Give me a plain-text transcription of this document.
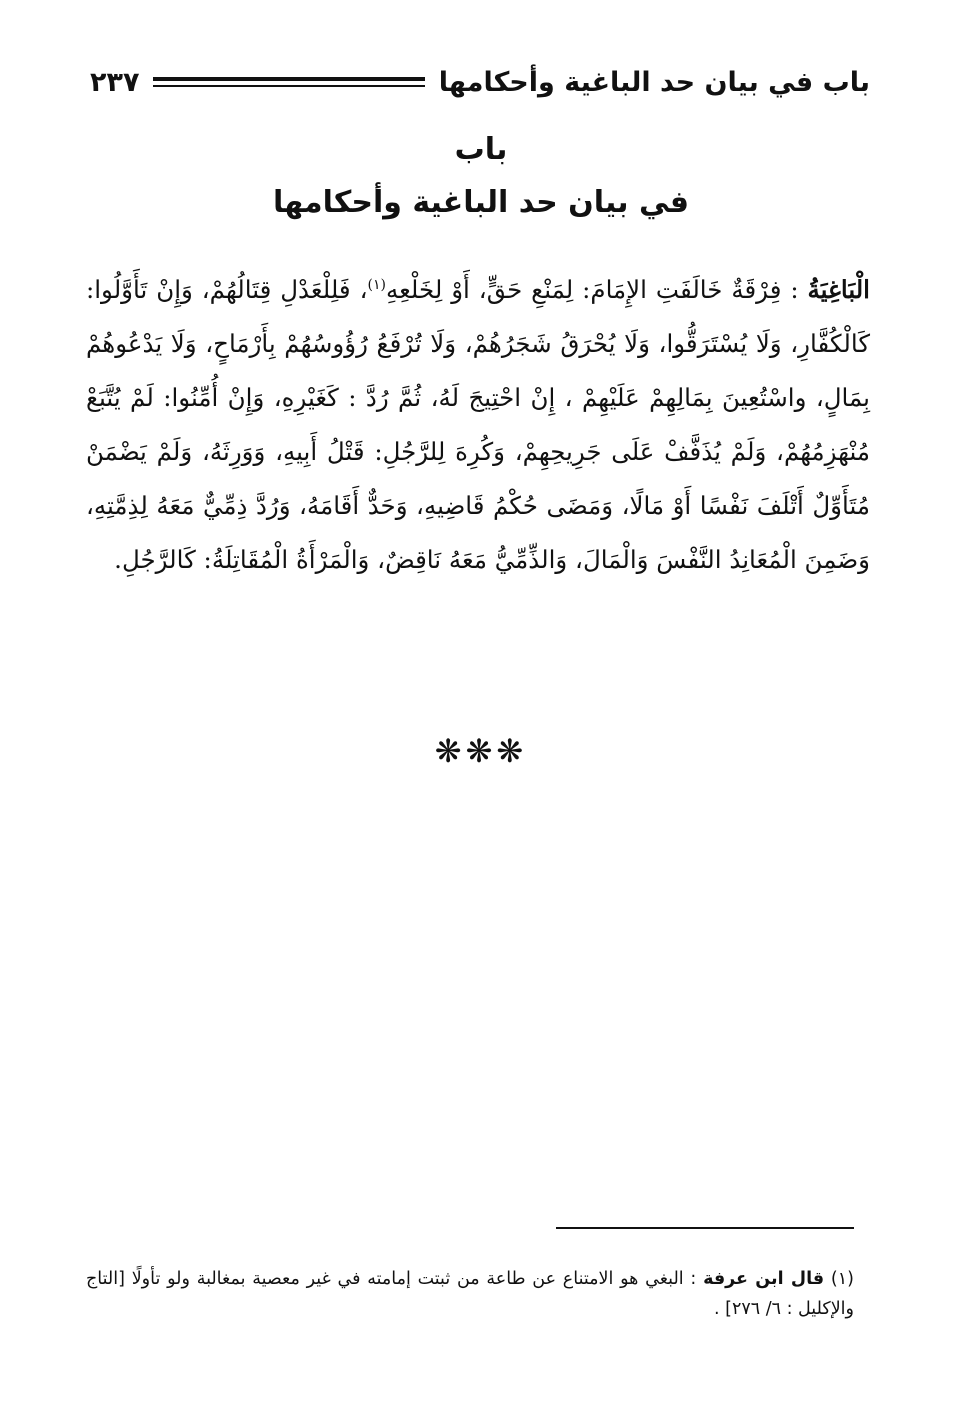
باب في بيان حد الباغية وأحكامها
٢٣٧
باب
في بيان حد الباغية وأحكامها

الْبَاغِيَةُ : فِرْقَةٌ خَالَفَتِ الإِمَامَ: لِمَنْعِ حَقٍّ، أَوْ لِخَلْعِهِ$^{(١)}$، فَلِلْعَدْلِ قِتَالُهُمْ، وَإِنْ تَأَوَّلُوا: كَالْكُفَّارِ، وَلَا يُسْتَرَقُّوا، وَلَا يُحْرَقُ شَجَرُهُمْ، وَلَا تُرْفَعُ رُؤُوسُهُمْ بِأَرْمَاحٍ، وَلَا يَدْعُوهُمْ بِمَالٍ، واسْتُعِينَ بِمَالِهِمْ عَلَيْهِمْ ، إِنْ احْتِيجَ لَهُ، ثُمَّ رُدَّ : كَغَيْرِهِ، وَإِنْ أُمِّنُوا: لَمْ يُتَّبَعْ مُنْهَزِمُهُمْ، وَلَمْ يُذَفَّفْ عَلَى جَرِيحِهِمْ، وَكُرِهَ لِلرَّجُلِ: قَتْلُ أَبِيهِ، وَوَرِثَهُ، وَلَمْ يَضْمَنْ مُتَأَوِّلٌ أَتْلَفَ نَفْسًا أَوْ مَالًا، وَمَضَى حُكْمُ قَاضِيهِ، وَحَدٌّ أَقَامَهُ، وَرُدَّ ذِمِّيٌّ مَعَهُ لِذِمَّتِهِ، وَضَمِنَ الْمُعَانِدُ النَّفْسَ وَالْمَالَ، وَالذِّمِّيُّ مَعَهُ نَاقِضٌ، وَالْمَرْأَةُ الْمُقَاتِلَةُ: كَالرَّجُلِ.

❋❋❋

(١) قال ابن عرفة : البغي هو الامتناع عن طاعة من ثبتت إمامته في غير معصية بمغالبة ولو تأولًا [التاج والإكليل : ٦/ ٢٧٦] .
